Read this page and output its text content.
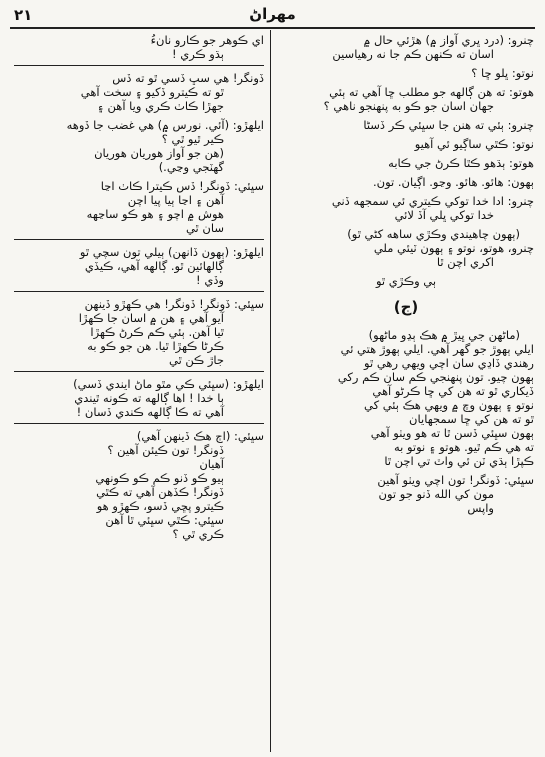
٢١	مهراڻ
چنرو: (درد ڀري آواز ۾) هڙئي حال ۾
اسان ته ڪنهن ڪم جا نه رهياسين
نوتو: ڀلو ڇا ؟
هوتو: ته هن ڳالهه جو مطلب ڇا آهي ته ٻئي
جهان اسان جو ڪو به پنهنجو ناهي ؟
چنرو: ٻئي ته هنن جا سڀئي ڪر ڏسڻا
نوتو: ڪٿي ساڳيو ئي آهيو
هوتو: ٻڌهو ڪٿا ڪرڻ جي ڪابه
ٻهون: هائو. هائو. وڃو. اڳيان. تون.
چنرو: ادا خدا توکي ڪيتري ئي سمجهه ڏني
خدا توکي ڀلي آڏ لائي
(ٻهون چاهيندي وڪڙي ساهه کڻي ٿو)
چنرو، هوتو، نوتو ۽ ٻهون ٽيئي ملي
اکري اچن ٿا
ٻي وڪڙي ٿو
(ج)
(ماڻهن جي ڀيڙ ۾ هڪ ٻڍو ماڻهو)
ايلي ٻهوڙ جو گهر آهي. ايلي ٻهوڙ هتي ئي
رهندي ڏاڍي سان اچي ويهي رهي ٿو
ٻهون چيو. تون پنهنجي ڪم سان ڪم رکي
ڏيکاري ٿو ته هن کي ڇا ڪرڻو آهي
نوتو ۽ ٻهون وچ ۾ ويهي هڪ ٻئي کي
ٿو ته هن کي ڇا سمجهايان
ٻهون سڀئي ڏسن ٿا ته هو ويٺو آهي
ته هي ڪم ٿيو. هوتو ۽ نوتو به
ڪپڙا ٻڌي ٽن ئي واٽ تي اچن ٿا
سڀئي: ڏونگر! تون اچي ويٺو آهين
مون کي الله ڏنو جو تون
واپس
اي ڪوهر جو ڪارو نانءُ
ٻڌو ڪري !
ڏونگر! هي سڀ ڏسي ٿو ته ڏس
ٿو ته ڪيترو ڏکيو ۽ سخت آهي
جهڙا ڪاٺ ڪري ويا آهن ۽
ايلهڙو: (آئي. نورس ۾) هي غضب جا ڏوهه
ڪير ٿيو ٿي ؟
(هن جو آواز هوريان هوريان
گهٽجي وڃي.)
سڀئي: ڏونگر! ڏس ڪيترا ڪاٺ اڃا
آهن ۽ اڃا ٻيا پيا اچن
هوش ۾ اچو ۽ هو ڪو ساڃهه
سان ٿي
ايلهڙو: (ٻهون ڏانهن) ٻيلي تون سچي ٿو
ڳالهائين ٿو. ڳالهه آهي، ڪيڏي
وڏي !
سڀئي: ڏونگر! ڏونگر! هي ڪهڙو ڏينهن
آيو آهي ۽ هن ۾ اسان جا ڪهڙا
ٿيا آهن. ٻئي ڪم ڪرڻ ڪهڙا
ڪرڻا ڪهڙا ٿيا. هن جو ڪو به
جاڙ ڪن ٿي
ايلهڙو: (سڀئي ڪي مٿو ماڻ ايندي ڏسي)
ٻا خدا ! اها ڳالهه ته ڪونه ٿيندي
آهي ته ڪا ڳالهه ڪندي ڏسان !
سڀئي: (اڄ هڪ ڏينهن آهي)
ڏونگر! تون ڪيئن آهين ؟
آهيان
ٻيو ڪو ڏنو ڪم ڪو ڪونهي
ڏونگر! ڪڏهن آهي ته ڪٿي
ڪيترو پڇي ڏسو، ڪهڙو هو
سڀئي: ڪٿي سڀئي ٿا آهن
ڪري ٿي ؟
